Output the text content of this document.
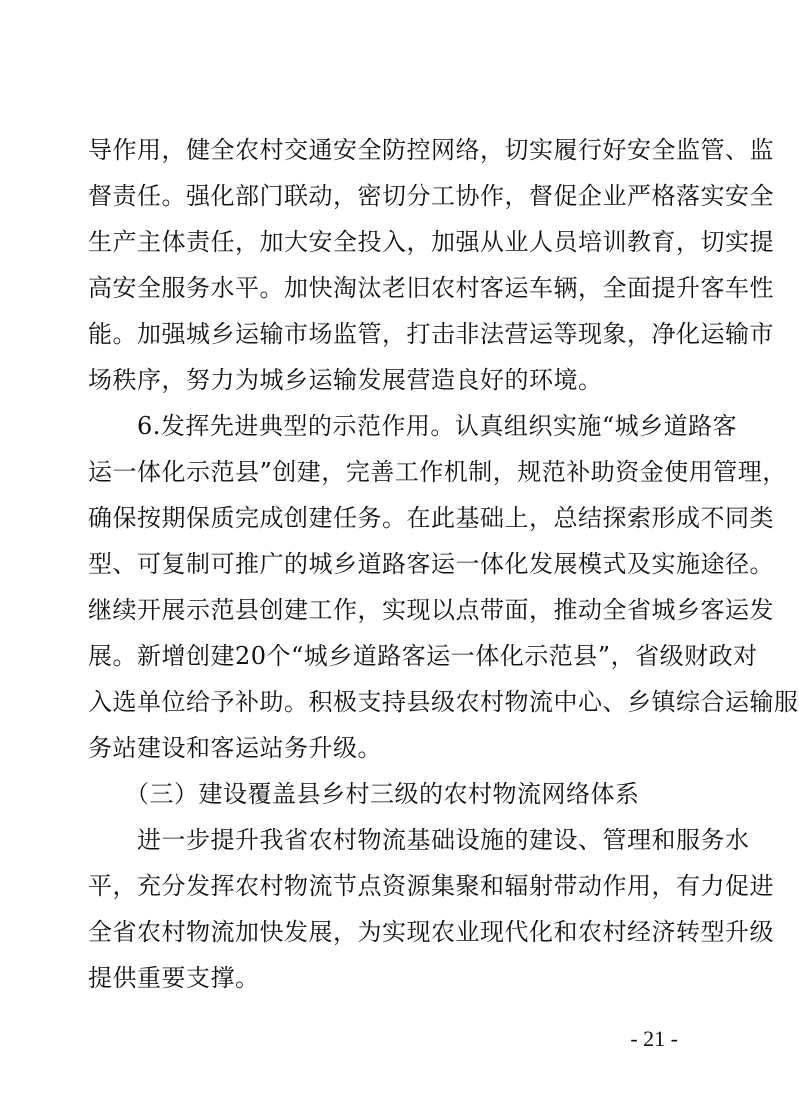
导作用，健全农村交通安全防控网络，切实履行好安全监管、监
督责任。强化部门联动，密切分工协作，督促企业严格落实安全
生产主体责任，加大安全投入，加强从业人员培训教育，切实提
高安全服务水平。加快淘汰老旧农村客运车辆，全面提升客车性
能。加强城乡运输市场监管，打击非法营运等现象，净化运输市
场秩序，努力为城乡运输发展营造良好的环境。
　　6.发挥先进典型的示范作用。认真组织实施“城乡道路客
运一体化示范县”创建，完善工作机制，规范补助资金使用管理，
确保按期保质完成创建任务。在此基础上，总结探索形成不同类
型、可复制可推广的城乡道路客运一体化发展模式及实施途径。
继续开展示范县创建工作，实现以点带面，推动全省城乡客运发
展。新增创建20个“城乡道路客运一体化示范县”，省级财政对
入选单位给予补助。积极支持县级农村物流中心、乡镇综合运输服
务站建设和客运站务升级。
　　（三）建设覆盖县乡村三级的农村物流网络体系
　　进一步提升我省农村物流基础设施的建设、管理和服务水
平，充分发挥农村物流节点资源集聚和辐射带动作用，有力促进
全省农村物流加快发展，为实现农业现代化和农村经济转型升级
提供重要支撑。
- 21 -
